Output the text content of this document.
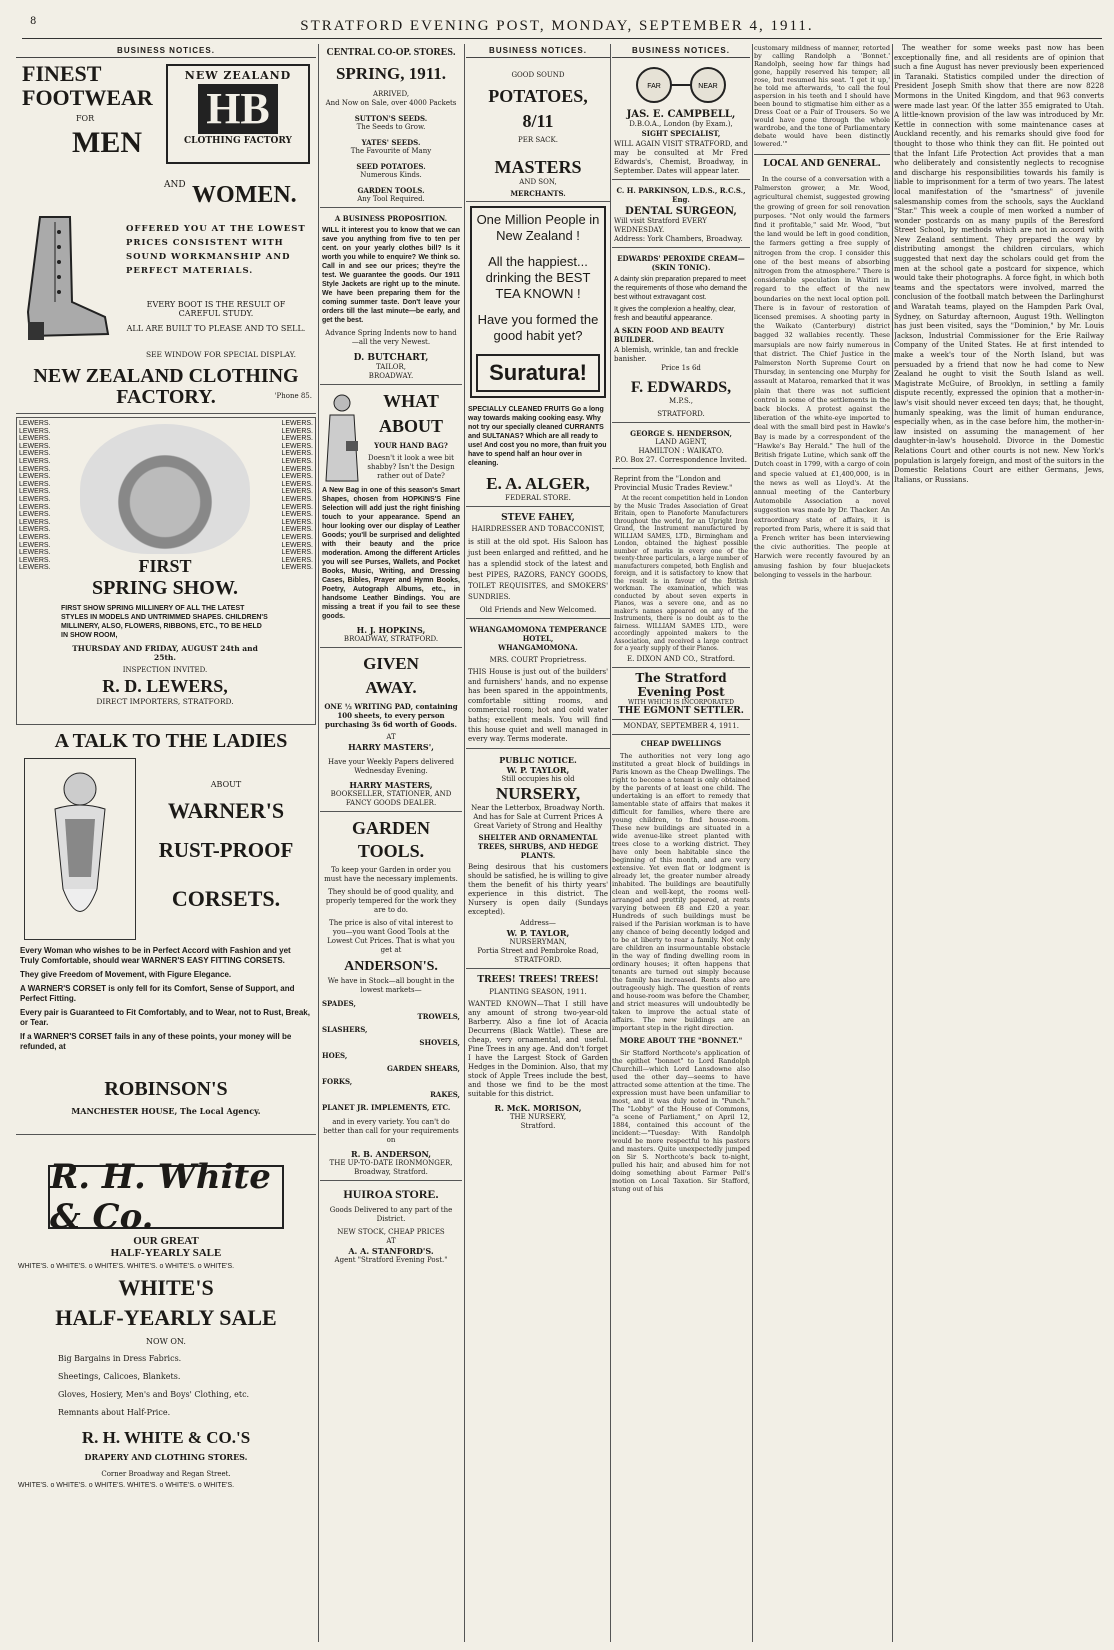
8	STRATFORD EVENING POST, MONDAY, SEPTEMBER 4, 1911.
BUSINESS NOTICES.
FINEST
FOOTWEAR
FOR
MEN
AND WOMEN.
NEW ZEALAND
HB
CLOTHING FACTORY
OFFERED YOU AT THE LOWEST PRICES CONSISTENT WITH SOUND WORKMANSHIP AND PERFECT MATERIALS.
EVERY BOOT IS THE RESULT OF CAREFUL STUDY.
ALL ARE BUILT TO PLEASE AND TO SELL.
SEE WINDOW FOR SPECIAL DISPLAY.
NEW ZEALAND CLOTHING FACTORY.	'Phone 85.
LEWERS.
LEWERS.
LEWERS.
LEWERS.
LEWERS.
LEWERS.
LEWERS.
LEWERS.
LEWERS.
LEWERS.
LEWERS.
LEWERS.
LEWERS.
LEWERS.
LEWERS.
LEWERS.
LEWERS.
LEWERS.
LEWERS.
LEWERS.
LEWERS.
LEWERS.
LEWERS.
LEWERS.
LEWERS.
LEWERS.
LEWERS.
LEWERS.
LEWERS.
LEWERS.
LEWERS.
LEWERS.
LEWERS.
LEWERS.
LEWERS.
LEWERS.
LEWERS.
LEWERS.
LEWERS.
LEWERS.
FIRST
SPRING SHOW.
FIRST SHOW SPRING MILLINERY OF ALL THE LATEST STYLES IN MODELS AND UNTRIMMED SHAPES. CHILDREN'S MILLINERY, ALSO, FLOWERS, RIBBONS, ETC., TO BE HELD IN SHOW ROOM,
THURSDAY AND FRIDAY, AUGUST 24th and 25th.
INSPECTION INVITED.
R. D. LEWERS,
DIRECT IMPORTERS, STRATFORD.
A TALK TO THE LADIES
ABOUT
WARNER'S
RUST-PROOF
CORSETS.
Every Woman who wishes to be in Perfect Accord with Fashion and yet Truly Comfortable, should wear WARNER'S EASY FITTING CORSETS.
They give Freedom of Movement, with Figure Elegance.
A WARNER'S CORSET is only fell for its Comfort, Sense of Support, and Perfect Fitting.
Every pair is Guaranteed to Fit Comfortably, and to Wear, not to Rust, Break, or Tear.
If a WARNER'S CORSET fails in any of these points, your money will be refunded, at
ROBINSON'S
MANCHESTER HOUSE, The Local Agency.
R. H. White & Co.
OUR GREAT
HALF-YEARLY SALE
WHITE'S. o WHITE'S. o WHITE'S. WHITE'S. o WHITE'S. o WHITE'S.
WHITE'S
HALF-YEARLY SALE
NOW ON.
Big Bargains in Dress Fabrics.
Sheetings, Calicoes, Blankets.
Gloves, Hosiery, Men's and Boys' Clothing, etc.
Remnants about Half-Price.
R. H. WHITE & CO.'S
DRAPERY AND CLOTHING STORES.
Corner Broadway and Regan Street.
WHITE'S. o WHITE'S. o WHITE'S. WHITE'S. o WHITE'S. o WHITE'S.
CENTRAL CO-OP. STORES.
SPRING, 1911.
ARRIVED,
And Now on Sale, over 4000 Packets
SUTTON'S SEEDS.
The Seeds to Grow.
YATES' SEEDS.
The Favourite of Many
SEED POTATOES.
Numerous Kinds.
GARDEN TOOLS.
Any Tool Required.
A BUSINESS PROPOSITION.
WILL it interest you to know that we can save you anything from five to ten per cent. on your yearly clothes bill? Is it worth you while to enquire? We think so. Call in and see our prices; they're the test. We guarantee the goods. Our 1911 Style Jackets are right up to the minute. We have been preparing them for the coming summer taste. Don't leave your orders till the last minute—be early, and get the best.
Advance Spring Indents now to hand—all the very Newest.
D. BUTCHART,
TAILOR,
BROADWAY.
WHAT
ABOUT
YOUR HAND BAG?
Doesn't it look a wee bit shabby? Isn't the Design rather out of Date?
A New Bag in one of this season's Smart Shapes, chosen from HOPKINS'S Fine Selection will add just the right finishing touch to your appearance. Spend an hour looking over our display of Leather Goods; you'll be surprised and delighted with their beauty and the price moderation. Among the different Articles you will see Purses, Wallets, and Pocket Books, Music, Writing, and Dressing Cases, Bibles, Prayer and Hymn Books, Poetry, Autograph Albums, etc., in handsome Leather Bindings. You are missing a treat if you fail to see these goods.
H. J. HOPKINS,
BROADWAY, STRATFORD.
GIVEN
AWAY.
ONE ½ WRITING PAD, containing 100 sheets, to every person purchasing 3s 6d worth of Goods.
AT
HARRY MASTERS',
Have your Weekly Papers delivered Wednesday Evening.
HARRY MASTERS,
BOOKSELLER, STATIONER, AND FANCY GOODS DEALER.
GARDEN
TOOLS.
To keep your Garden in order you must have the necessary implements.
They should be of good quality, and properly tempered for the work they are to do.
The price is also of vital interest to you—you want Good Tools at the Lowest Cut Prices. That is what you get at
ANDERSON'S.
We have in Stock—all bought in the lowest markets—
SPADES,
TROWELS,
SLASHERS,
SHOVELS,
HOES,
GARDEN SHEARS,
FORKS,
RAKES,
PLANET JR. IMPLEMENTS, ETC.
and in every variety. You can't do better than call for your requirements on
R. B. ANDERSON,
THE UP-TO-DATE IRONMONGER,
Broadway, Stratford.
HUIROA STORE.
Goods Delivered to any part of the District.
NEW STOCK, CHEAP PRICES
AT
A. A. STANFORD'S.
Agent "Stratford Evening Post."
BUSINESS NOTICES.
GOOD SOUND
POTATOES,
8/11
PER SACK.
MASTERS
AND SON,
MERCHANTS.
One Million People in New Zealand !
All the happiest... drinking the BEST TEA KNOWN !
Have you formed the good habit yet?
Suratura!
SPECIALLY CLEANED FRUITS Go a long way towards making cooking easy. Why not try our specially cleaned CURRANTS and SULTANAS? Which are all ready to use! And cost you no more, than fruit you have to spend half an hour over in cleaning.
E. A. ALGER,
FEDERAL STORE.
STEVE FAHEY,
HAIRDRESSER AND TOBACCONIST,
is still at the old spot. His Saloon has just been enlarged and refitted, and he has a splendid stock of the latest and best PIPES, RAZORS, FANCY GOODS, TOILET REQUISITES, and SMOKERS' SUNDRIES.
Old Friends and New Welcomed.
WHANGAMOMONA TEMPERANCE HOTEL,
WHANGAMOMONA.
MRS. COURT Proprietress.
THIS House is just out of the builders' and furnishers' hands, and no expense has been spared in the appointments, comfortable sitting rooms, and commercial room; hot and cold water baths; excellent meals. You will find this house quiet and well managed in every way. Terms moderate.
PUBLIC NOTICE.
W. P. TAYLOR,
Still occupies his old
NURSERY,
Near the Letterbox, Broadway North. And has for Sale at Current Prices A Great Variety of Strong and Healthy
SHELTER AND ORNAMENTAL TREES, SHRUBS, AND HEDGE PLANTS.
Being desirous that his customers should be satisfied, he is willing to give them the benefit of his thirty years' experience in this district. The Nursery is open daily (Sundays excepted).
Address—
W. P. TAYLOR,
NURSERYMAN,
Portia Street and Pembroke Road, STRATFORD.
TREES! TREES! TREES!
PLANTING SEASON, 1911.
WANTED KNOWN—That I still have any amount of strong two-year-old Barberry. Also a fine lot of Acacia Decurrens (Black Wattle). These are cheap, very ornamental, and useful. Pine Trees in any age. And don't forget I have the Largest Stock of Garden Hedges in the Dominion. Also, that my stock of Apple Trees include the best, and those we find to be the most suitable for this district.
R. McK. MORISON,
THE NURSERY,
Stratford.
BUSINESS NOTICES.
FAR	NEAR
JAS. E. CAMPBELL,
D.B.O.A., London (by Exam.),
SIGHT SPECIALIST,
WILL AGAIN VISIT STRATFORD, and may be consulted at Mr Fred Edwards's, Chemist, Broadway, in September. Dates will appear later.
C. H. PARKINSON, L.D.S., R.C.S., Eng.
DENTAL SURGEON,
Will visit Stratford EVERY WEDNESDAY.
Address: York Chambers, Broadway.
EDWARDS' PEROXIDE CREAM—(SKIN TONIC).
A dainty skin preparation prepared to meet the requirements of those who demand the best without extravagant cost.
It gives the complexion a healthy, clear, fresh and beautiful appearance.
A SKIN FOOD AND BEAUTY BUILDER.
A blemish, wrinkle, tan and freckle banisher.
Price 1s 6d
F. EDWARDS,
M.P.S.,
STRATFORD.
GEORGE S. HENDERSON,
LAND AGENT,
HAMILTON : WAIKATO.
P.O. Box 27. Correspondence Invited.
Reprint from the "London and Provincial Music Trades Review."
At the recent competition held in London by the Music Trades Association of Great Britain, open to Pianoforte Manufacturers throughout the world, for an Upright Iron Grand, the Instrument manufactured by WILLIAM SAMES, LTD., Birmingham and London, obtained the highest possible number of marks in every one of the twenty-three particulars, a large number of manufacturers competed, both English and foreign, and it is satisfactory to know that the result is in favour of the British workman. The examination, which was conducted by about seven experts in Pianos, was a severe one, and as no maker's names appeared on any of the Instruments, there is no doubt as to the fairness. WILLIAM SAMES LTD., were accordingly appointed makers to the Association, and received a large contract for a yearly supply of their Pianos.
E. DIXON AND CO., Stratford.
The Stratford Evening Post
WITH WHICH IS INCORPORATED
THE EGMONT SETTLER.
MONDAY, SEPTEMBER 4, 1911.
CHEAP DWELLINGS
The authorities not very long ago instituted a great block of buildings in Paris known as the Cheap Dwellings. The right to become a tenant is only obtained by the parents of at least one child. The undertaking is an effort to remedy that lamentable state of affairs that makes it difficult for families, where there are young children, to find house-room. These new buildings are situated in a wide avenue-like street planted with trees close to a working district. They have only been habitable since the beginning of this month, and are very extensive. Yet even flat or lodgment is already let, the greater number already inhabited. The buildings are beautifully clean and well-kept, the rooms well-arranged and prettily papered, at rents varying between £8 and £20 a year. Hundreds of such buildings must be raised if the Parisian workman is to have any chance of being decently lodged and to be at liberty to rear a family. Not only are children an insurmountable obstacle in the way of finding dwelling room in ordinary houses; it often happens that tenants are turned out simply because the family has increased. Rents also are outrageously high. The question of rents and house-room was before the Chamber, and strict measures will undoubtedly be taken to improve the actual state of affairs. The new buildings are an important step in the right direction.
MORE ABOUT THE "BONNET."
Sir Stafford Northcote's application of the epithet "bonnet" to Lord Randolph Churchill—which Lord Lansdowne also used the other day—seems to have attracted some attention at the time. The expression must have been unfamiliar to most, and it was duly noted in "Punch." The "Lobby" of the House of Commons, "a scene of Parliament," on April 12, 1884, contained this account of the incident:—"Tuesday: With Randolph would be more respectful to his pastors and masters. Quite unexpectedly jumped on Sir S. Northcote's back to-night, pulled his hair, and abused him for not doing something about Farmer Pell's motion on Local Taxation. Sir Stafford, stung out of his
customary mildness of manner, retorted by calling Randolph a 'Bonnet.' Randolph, seeing how far things had gone, happily reserved his temper; all rose, but resumed his seat. 'I get it up,' he told me afterwards, 'to call the foul aspersion in his teeth and I should have been bound to stigmatise him either as a Dress Coat or a Pair of Trousers. So we would have gone through the whole wardrobe, and the tone of Parliamentary debate would have been distinctly lowered.'"
LOCAL AND GENERAL.
In the course of a conversation with a Palmerston grower, a Mr. Wood, agricultural chemist, suggested growing the growing of green for soil renovation purposes. "Not only would the farmers find it profitable," said Mr. Wood, "but the land would be left in good condition, the farmers getting a free supply of nitrogen from the crop. I consider this one of the best means of absorbing nitrogen from the atmosphere." There is considerable speculation in Waitiri in regard to the effect of the new boundaries on the next local option poll. There is in favour of restoration of licensed premises. A shooting party in the Waikato (Canterbury) district bagged 32 wallabies recently. These marsupials are now fairly numerous in that district. The Chief Justice in the Palmerston North Supreme Court on Thursday, in sentencing one Murphy for assault at Mataroa, remarked that it was plain that there was not sufficient control in some of the settlements in the back blocks. A protest against the liberation of the white-eye imported to deal with the small bird pest in Hawke's Bay is made by a correspondent of the "Hawke's Bay Herald." The hull of the British frigate Lutine, which sank off the Dutch coast in 1799, with a cargo of coin and specie valued at £1,400,000, is in the news as well as Lloyd's. At the annual meeting of the Canterbury Automobile Association a novel suggestion was made by Dr. Thacker. An extraordinary state of affairs, it is reported from Paris, where it is said that a French writer has been interviewing the civic authorities. The people at Harwich were recently favoured by an amusing fashion by four bluejackets belonging to vessels in the harbour.
The weather for some weeks past now has been exceptionally fine, and all residents are of opinion that such a fine August has never previously been experienced in Taranaki. Statistics compiled under the direction of President Joseph Smith show that there are now 8228 Mormons in the United Kingdom, and that 963 converts were made last year. Of the latter 355 emigrated to Utah. A little-known provision of the law was introduced by Mr. Kettle in connection with some maintenance cases at Auckland recently, and his remarks should give food for thought to those who think they can flit. He pointed out that the Infant Life Protection Act provides that a man who deliberately and consistently neglects to recognise and discharge his responsibilities towards his family is liable to imprisonment for a term of two years. The latest local manifestation of the "smartness" of juvenile salesmanship comes from the schools, says the Auckland "Star." This week a couple of men worked a number of wonder postcards on as many pupils of the Beresford Street School, by methods which are not in accord with New Zealand sentiment. They prepared the way by distributing amongst the children circulars, which suggested that next day the scholars could get from the men at the school gate a postcard for sixpence, which would take their photographs. A force fight, in which both teams and the spectators were involved, marred the conclusion of the football match between the Darlinghurst and Waratah teams, played on the Hampden Park Oval, Sydney, on Saturday afternoon, August 19th. Wellington has just been visited, says the "Dominion," by Mr. Louis Jackson, Industrial Commissioner for the Erie Railway Company of the United States. He at first intended to make a week's tour of the North Island, but was persuaded by a friend that now he had come to New Zealand he ought to visit the South Island as well. Magistrate McGuire, of Brooklyn, in settling a family dispute recently, expressed the opinion that a mother-in-law's visit should never exceed ten days; that, he thought, humanly speaking, was the limit of human endurance, especially when, as in the case before him, the mother-in-law insisted on assuming the management of her daughter-in-law's household. Divorce in the Domestic Relations Court and other courts is not new. New York's population is largely foreign, and most of the suitors in the Domestic Relations Court are either Germans, Jews, Italians, or Russians.
